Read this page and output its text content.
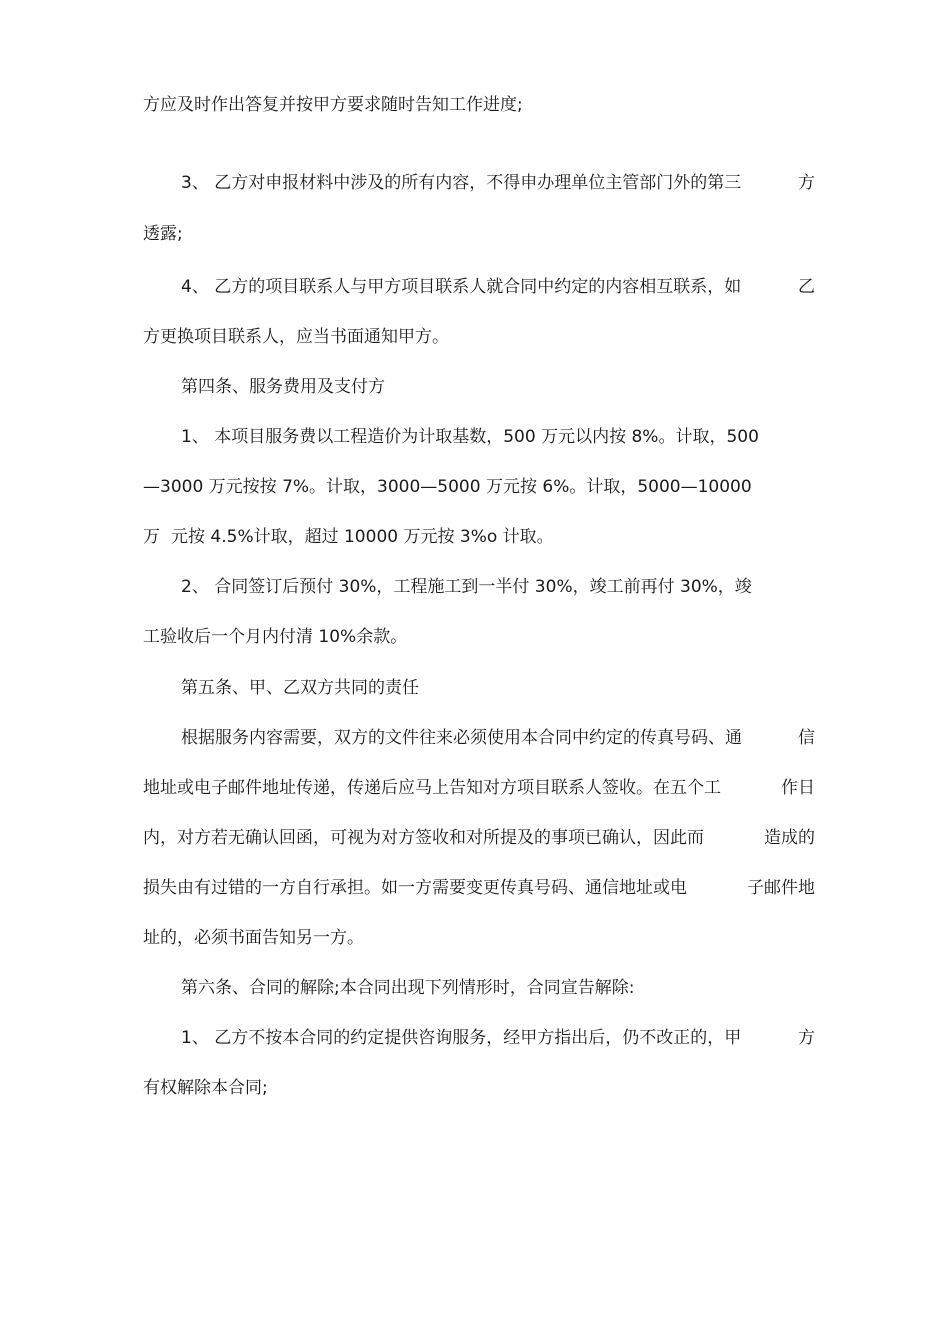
方应及时作出答复并按甲方要求随时告知工作进度;

3、 乙方对申报材料中涉及的所有内容，不得申办理单位主管部门外的第三	方

透露;

4、 乙方的项目联系人与甲方项目联系人就合同中约定的内容相互联系，如	乙

方更换项目联系人，应当书面通知甲方。

第四条、服务费用及支付方

1、 本项目服务费以工程造价为计取基数，500 万元以内按 8%。计取，500

—3000 万元按按 7%。计取，3000—5000 万元按 6%。计取，5000—10000

万 元按 4.5%计取，超过 10000 万元按 3%o 计取。

2、 合同签订后预付 30%，工程施工到一半付 30%，竣工前再付 30%，竣

工验收后一个月内付清 10%余款。

第五条、甲、乙双方共同的责任

根据服务内容需要，双方的文件往来必须使用本合同中约定的传真号码、通	信

地址或电子邮件地址传递，传递后应马上告知对方项目联系人签收。在五个工	作日

内，对方若无确认回函，可视为对方签收和对所提及的事项已确认，因此而	造成的

损失由有过错的一方自行承担。如一方需要变更传真号码、通信地址或电	子邮件地

址的，必须书面告知另一方。

第六条、合同的解除;本合同出现下列情形时，合同宣告解除:

1、 乙方不按本合同的约定提供咨询服务，经甲方指出后，仍不改正的，甲	方

有权解除本合同;
